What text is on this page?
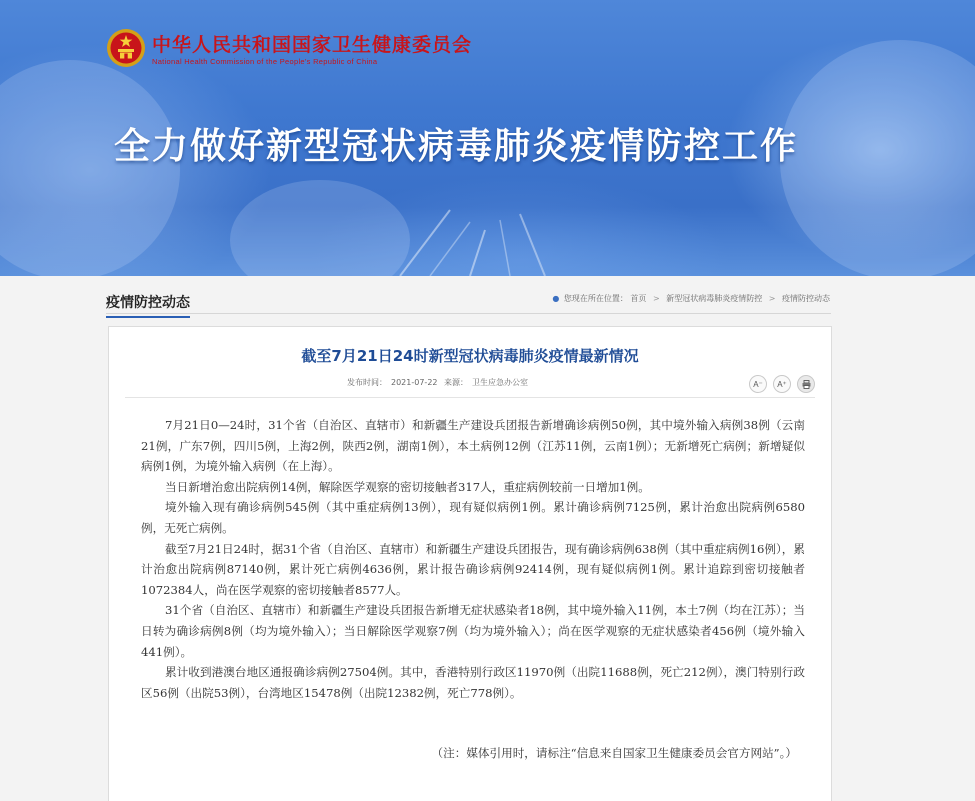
中华人民共和国国家卫生健康委员会
National Health Commission of the People's Republic of China
全力做好新型冠状病毒肺炎疫情防控工作
疫情防控动态	● 您现在所在位置： 首页 > 新型冠状病毒肺炎疫情防控 > 疫情防控动态
截至7月21日24时新型冠状病毒肺炎疫情最新情况
发布时间： 2021-07-22 来源： 卫生应急办公室	A⁻	A⁺

7月21日0—24时，31个省（自治区、直辖市）和新疆生产建设兵团报告新增确诊病例50例，其中境外输入病例38例（云南21例，广东7例，四川5例，上海2例，陕西2例，湖南1例），本土病例12例（江苏11例，云南1例）；无新增死亡病例；新增疑似病例1例，为境外输入病例（在上海）。

当日新增治愈出院病例14例，解除医学观察的密切接触者317人，重症病例较前一日增加1例。

境外输入现有确诊病例545例（其中重症病例13例），现有疑似病例1例。累计确诊病例7125例，累计治愈出院病例6580例，无死亡病例。

截至7月21日24时，据31个省（自治区、直辖市）和新疆生产建设兵团报告，现有确诊病例638例（其中重症病例16例），累计治愈出院病例87140例，累计死亡病例4636例，累计报告确诊病例92414例，现有疑似病例1例。累计追踪到密切接触者1072384人，尚在医学观察的密切接触者8577人。

31个省（自治区、直辖市）和新疆生产建设兵团报告新增无症状感染者18例，其中境外输入11例，本土7例（均在江苏）；当日转为确诊病例8例（均为境外输入）；当日解除医学观察7例（均为境外输入）；尚在医学观察的无症状感染者456例（境外输入441例）。

累计收到港澳台地区通报确诊病例27504例。其中，香港特别行政区11970例（出院11688例，死亡212例），澳门特别行政区56例（出院53例），台湾地区15478例（出院12382例，死亡778例）。

（注：媒体引用时，请标注“信息来自国家卫生健康委员会官方网站”。）
